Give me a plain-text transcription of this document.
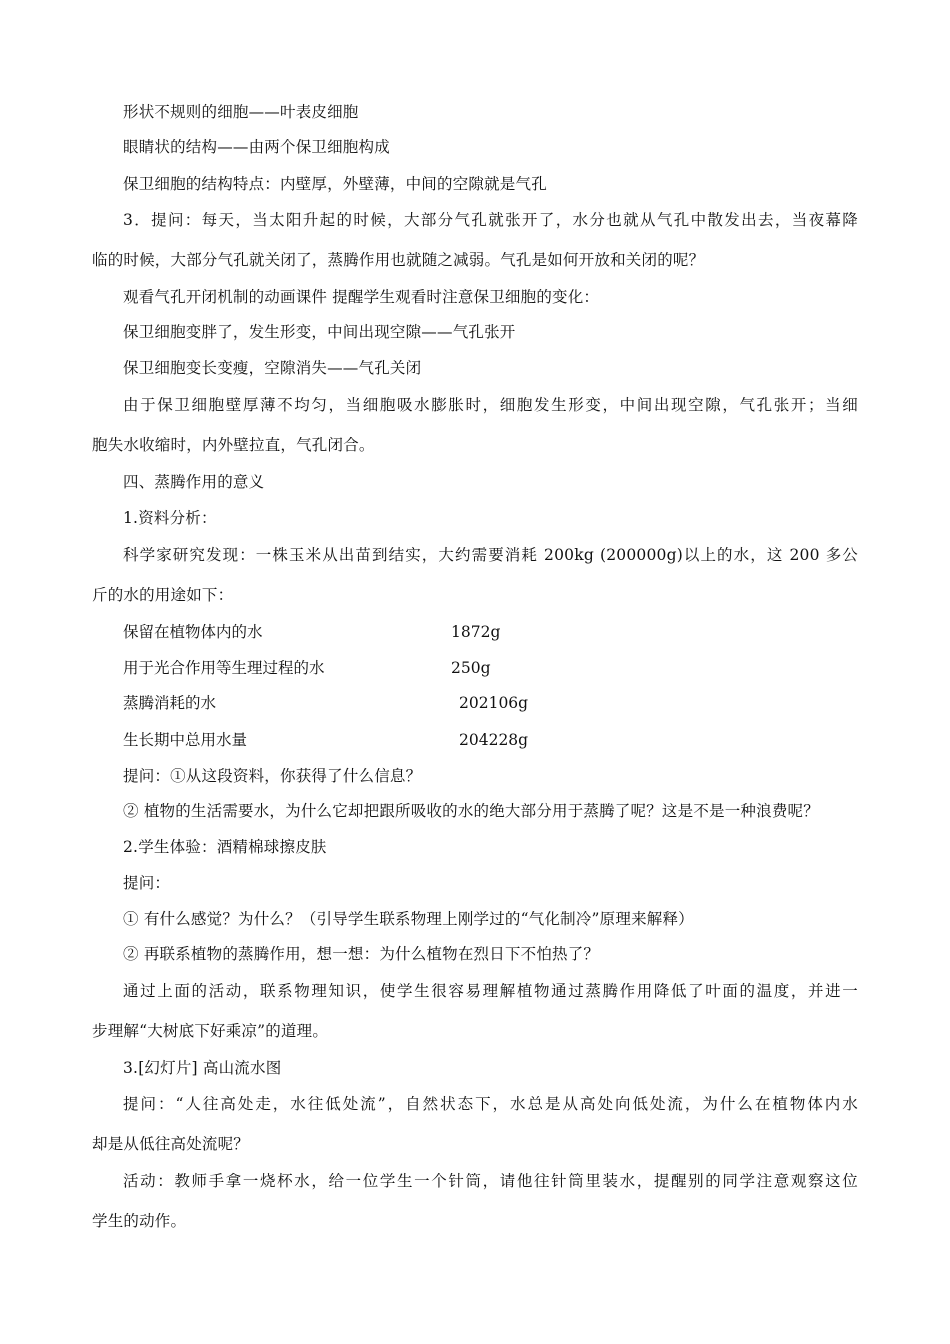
形状不规则的细胞——叶表皮细胞
眼睛状的结构——由两个保卫细胞构成
保卫细胞的结构特点：内壁厚，外壁薄，中间的空隙就是气孔
3．提问：每天，当太阳升起的时候，大部分气孔就张开了，水分也就从气孔中散发出去，当夜幕降
临的时候，大部分气孔就关闭了，蒸腾作用也就随之减弱。气孔是如何开放和关闭的呢？
观看气孔开闭机制的动画课件 提醒学生观看时注意保卫细胞的变化：
保卫细胞变胖了，发生形变，中间出现空隙——气孔张开
保卫细胞变长变瘦，空隙消失——气孔关闭
由于保卫细胞壁厚薄不均匀，当细胞吸水膨胀时，细胞发生形变，中间出现空隙，气孔张开；当细
胞失水收缩时，内外壁拉直，气孔闭合。
四、蒸腾作用的意义
1.资料分析：
科学家研究发现：一株玉米从出苗到结实，大约需要消耗 200kg (200000g)以上的水，这 200 多公
斤的水的用途如下：
保留在植物体内的水	1872g
用于光合作用等生理过程的水	250g
蒸腾消耗的水	202106g
生长期中总用水量	204228g
提问：①从这段资料，你获得了什么信息？
② 植物的生活需要水，为什么它却把跟所吸收的水的绝大部分用于蒸腾了呢？这是不是一种浪费呢？
2.学生体验：酒精棉球擦皮肤
提问：
① 有什么感觉？为什么？（引导学生联系物理上刚学过的“气化制冷”原理来解释）
② 再联系植物的蒸腾作用，想一想：为什么植物在烈日下不怕热了？
通过上面的活动，联系物理知识，使学生很容易理解植物通过蒸腾作用降低了叶面的温度，并进一
步理解“大树底下好乘凉”的道理。
3.[幻灯片] 高山流水图
提问：“人往高处走，水往低处流”，自然状态下，水总是从高处向低处流，为什么在植物体内水
却是从低往高处流呢？
活动：教师手拿一烧杯水，给一位学生一个针筒，请他往针筒里装水，提醒别的同学注意观察这位
学生的动作。
